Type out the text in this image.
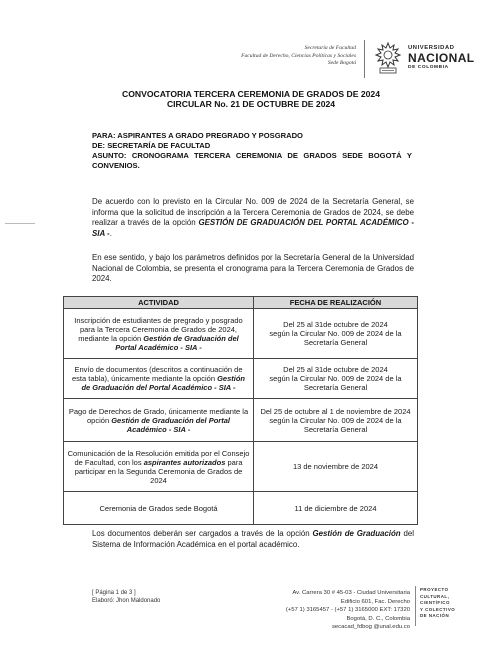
Secretaría de Facultad
Facultad de Derecho, Ciencias Políticas y Sociales
Sede Bogotá
UNIVERSIDAD
NACIONAL
DE COLOMBIA
CONVOCATORIA TERCERA CEREMONIA DE GRADOS DE 2024
CIRCULAR No. 21 DE OCTUBRE DE 2024
PARA: ASPIRANTES A GRADO PREGRADO Y POSGRADO
DE: SECRETARÍA DE FACULTAD
ASUNTO: CRONOGRAMA TERCERA CEREMONIA DE GRADOS SEDE BOGOTÁ Y CONVENIOS.
De acuerdo con lo previsto en la Circular No. 009 de 2024 de la Secretaría General, se informa que la solicitud de inscripción a la Tercera Ceremonia de Grados de 2024, se debe realizar a través de la opción GESTIÓN DE GRADUACIÓN DEL PORTAL ACADÉMICO - SIA -.
En ese sentido, y bajo los parámetros definidos por la Secretaría General de la Universidad Nacional de Colombia, se presenta el cronograma para la Tercera Ceremonia de Grados de 2024.
ACTIVIDAD	FECHA DE REALIZACIÓN
Inscripción de estudiantes de pregrado y posgrado para la Tercera Ceremonia de Grados de 2024, mediante la opción Gestión de Graduación del Portal Académico - SIA -	Del 25 al 31de octubre de 2024
según la Circular No. 009 de 2024 de la
Secretaría General

Envío de documentos (descritos a continuación de esta tabla), únicamente mediante la opción Gestión de Graduación del Portal Académico - SIA -	Del 25 al 31de octubre de 2024
según la Circular No. 009 de 2024 de la
Secretaría General

Pago de Derechos de Grado, únicamente mediante la opción Gestión de Graduación del Portal Académico - SIA -	Del 25 de octubre al 1 de noviembre de 2024
según la Circular No. 009 de 2024 de la
Secretaría General

Comunicación de la Resolución emitida por el Consejo de Facultad, con los aspirantes autorizados para participar en la Segunda Ceremonia de Grados de 2024	13 de noviembre de 2024

Ceremonia de Grados sede Bogotá	11 de diciembre de 2024
Los documentos deberán ser cargados a través de la opción Gestión de Graduación del Sistema de Información Académica en el portal académico.
[ Página 1 de 3 ]
Elaboró: Jhon Maldonado
Av. Carrera 30 # 45-03 - Ciudad Universitaria
Edificio 601, Fac. Derecho
(+57 1) 3165457 - (+57 1) 3165000 EXT: 17320
Bogotá, D. C., Colombia
secacad_fdbog @unal.edu.co
PROYECTO
CULTURAL,
CIENTÍFICO
Y COLECTIVO
DE NACIÓN
